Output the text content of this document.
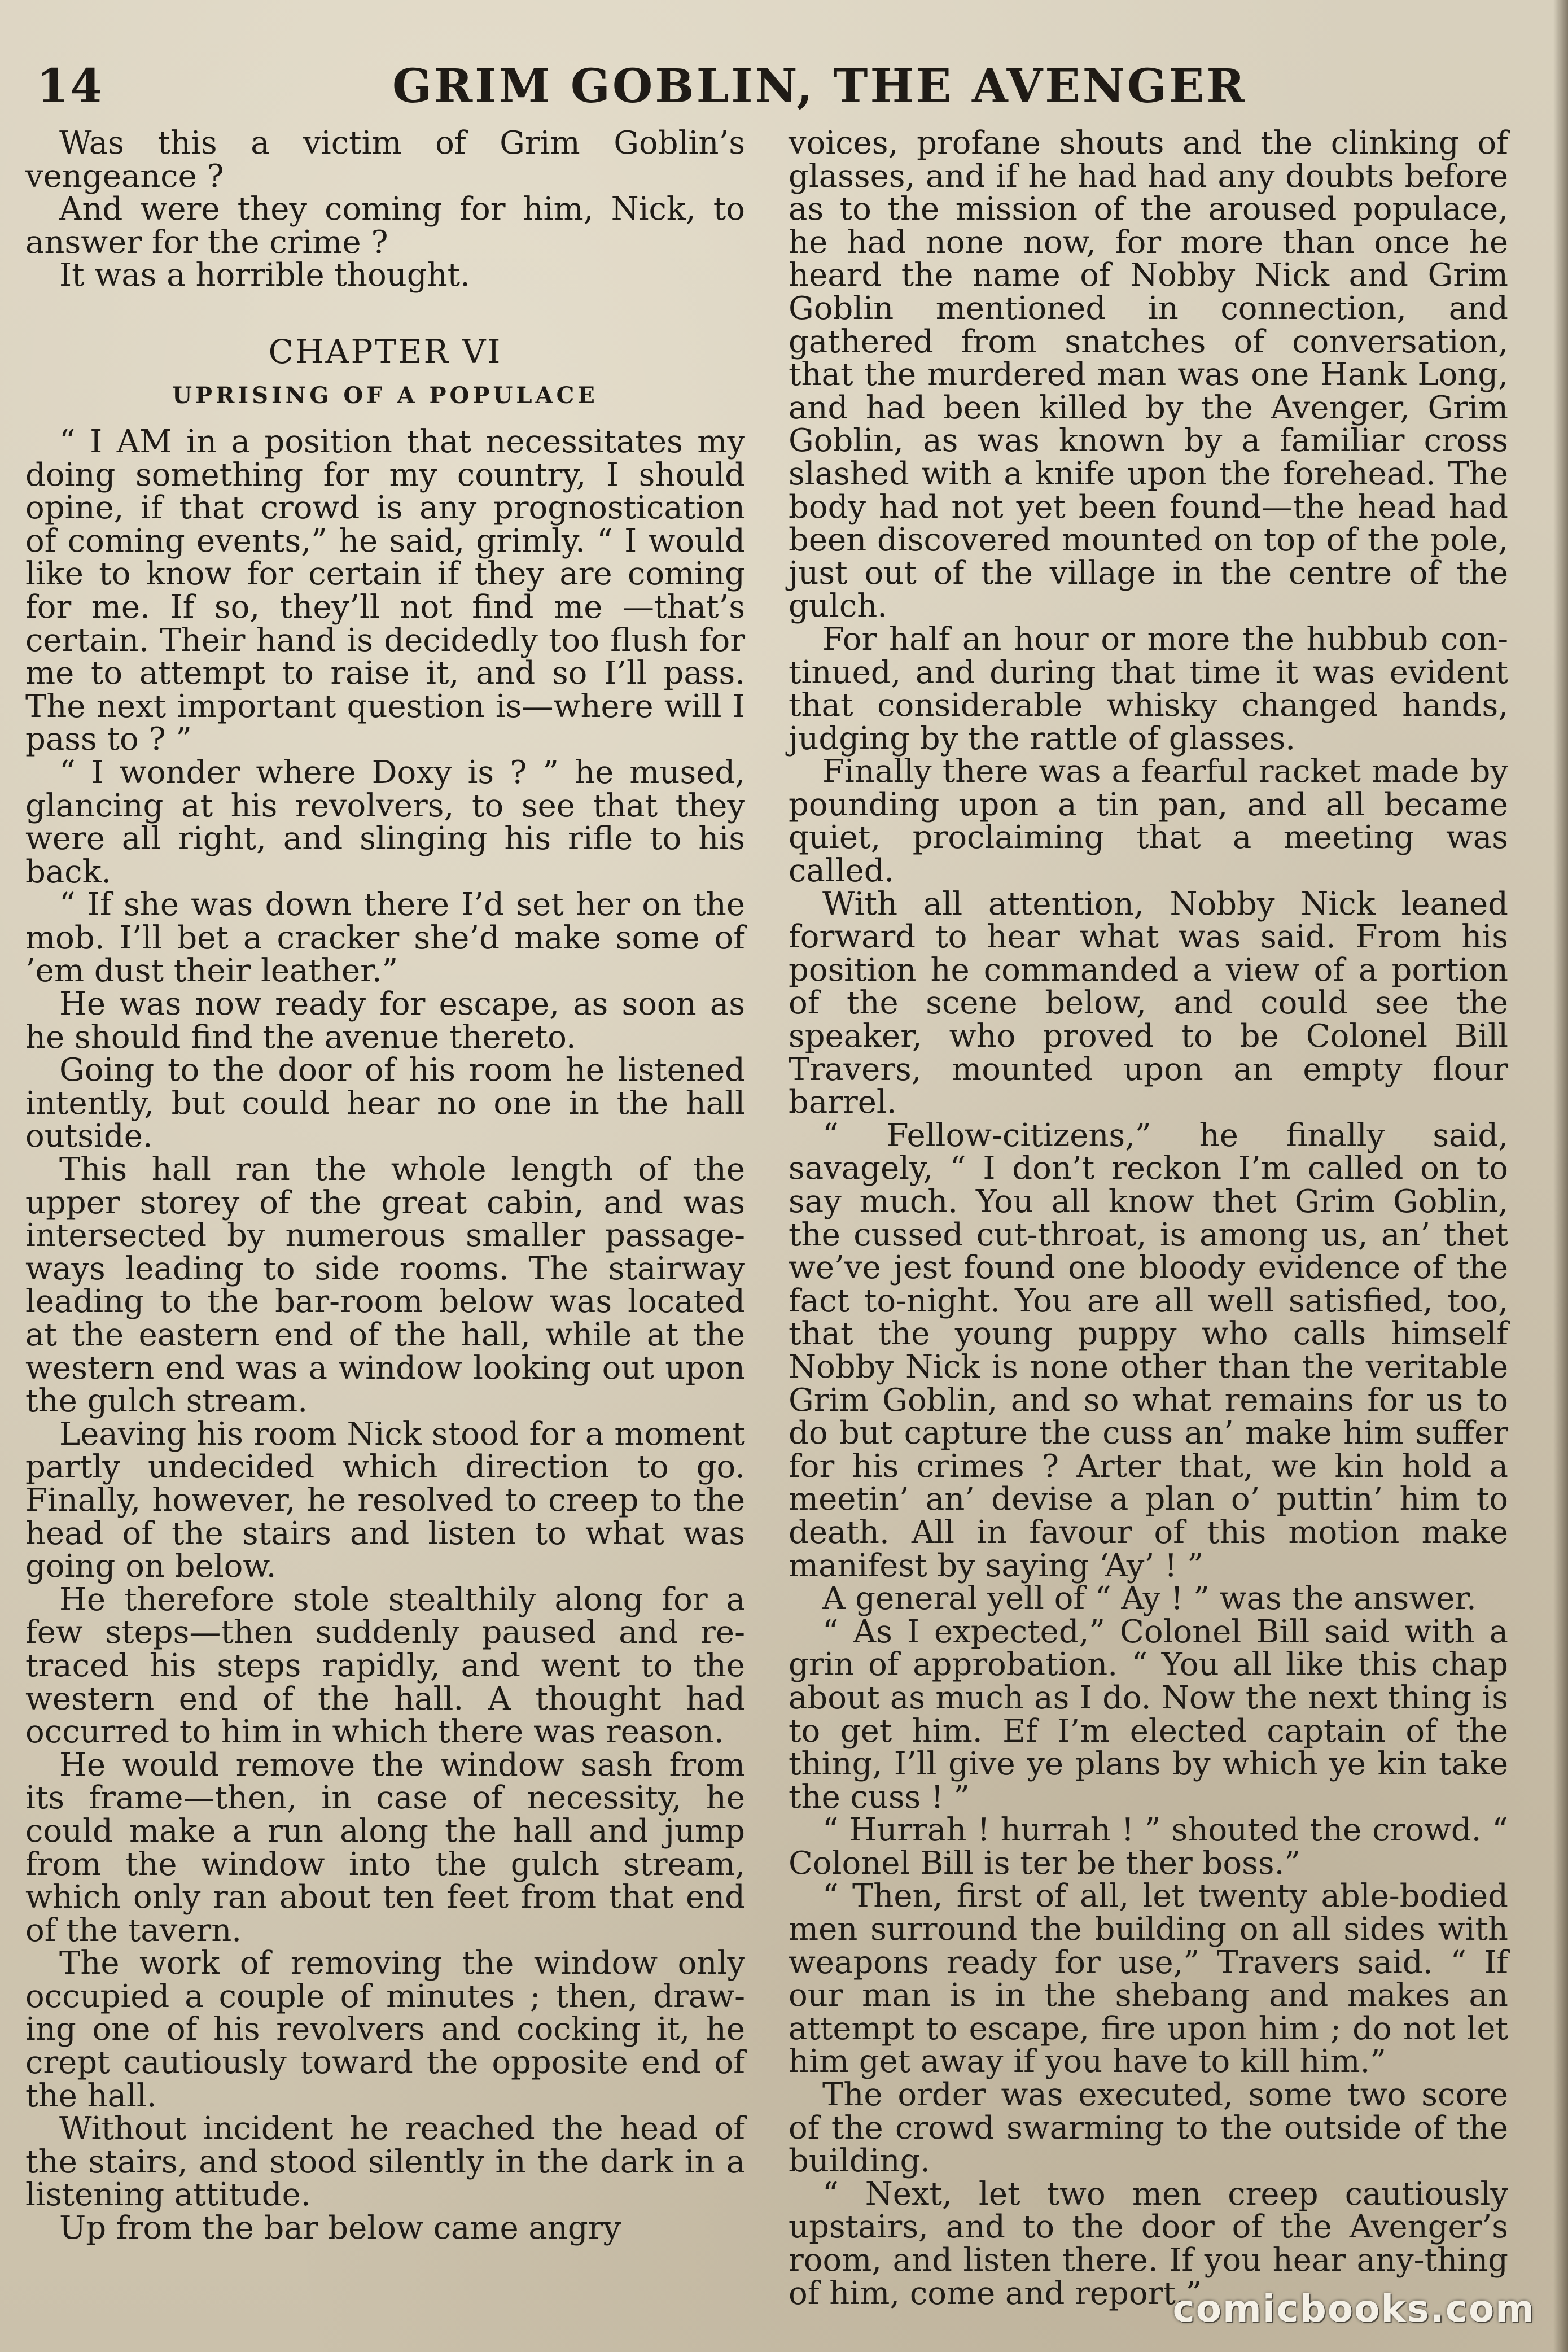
14	GRIM GOBLIN, THE AVENGER

Was this a victim of Grim Goblin’s vengeance ?

And were they coming for him, Nick, to answer for the crime ?

It was a horrible thought.

CHAPTER VI
UPRISING OF A POPULACE

“ I AM in a position that necessitates my doing something for my country, I should opine, if that crowd is any prognostication of coming events,” he said, grimly. “ I would like to know for certain if they are coming for me. If so, they’ll not find me —that’s certain. Their hand is decidedly too flush for me to attempt to raise it, and so I’ll pass. The next important question is—where will I pass to ? ”

“ I wonder where Doxy is ? ” he mused, glancing at his revolvers, to see that they were all right, and slinging his rifle to his back.

“ If she was down there I’d set her on the mob. I’ll bet a cracker she’d make some of ’em dust their leather.”

He was now ready for escape, as soon as he should find the avenue thereto.

Going to the door of his room he listened intently, but could hear no one in the hall outside.

This hall ran the whole length of the upper storey of the great cabin, and was intersected by numerous smaller passage-ways leading to side rooms. The stairway leading to the bar-room below was located at the eastern end of the hall, while at the western end was a window looking out upon the gulch stream.

Leaving his room Nick stood for a moment partly undecided which direction to go. Finally, however, he resolved to creep to the head of the stairs and listen to what was going on below.

He therefore stole stealthily along for a few steps—then suddenly paused and re-traced his steps rapidly, and went to the western end of the hall. A thought had occurred to him in which there was reason.

He would remove the window sash from its frame—then, in case of necessity, he could make a run along the hall and jump from the window into the gulch stream, which only ran about ten feet from that end of the tavern.

The work of removing the window only occupied a couple of minutes ; then, draw-ing one of his revolvers and cocking it, he crept cautiously toward the opposite end of the hall.

Without incident he reached the head of the stairs, and stood silently in the dark in a listening attitude.

Up from the bar below came angry

voices, profane shouts and the clinking of glasses, and if he had had any doubts before as to the mission of the aroused populace, he had none now, for more than once he heard the name of Nobby Nick and Grim Goblin mentioned in connection, and gathered from snatches of conversation, that the murdered man was one Hank Long, and had been killed by the Avenger, Grim Goblin, as was known by a familiar cross slashed with a knife upon the forehead. The body had not yet been found—the head had been discovered mounted on top of the pole, just out of the village in the centre of the gulch.

For half an hour or more the hubbub con-tinued, and during that time it was evident that considerable whisky changed hands, judging by the rattle of glasses.

Finally there was a fearful racket made by pounding upon a tin pan, and all became quiet, proclaiming that a meeting was called.

With all attention, Nobby Nick leaned forward to hear what was said. From his position he commanded a view of a portion of the scene below, and could see the speaker, who proved to be Colonel Bill Travers, mounted upon an empty flour barrel.

“ Fellow-citizens,” he finally said, savagely, “ I don’t reckon I’m called on to say much. You all know thet Grim Goblin, the cussed cut-throat, is among us, an’ thet we’ve jest found one bloody evidence of the fact to-night. You are all well satisfied, too, that the young puppy who calls himself Nobby Nick is none other than the veritable Grim Goblin, and so what remains for us to do but capture the cuss an’ make him suffer for his crimes ? Arter that, we kin hold a meetin’ an’ devise a plan o’ puttin’ him to death. All in favour of this motion make manifest by saying ‘Ay’ ! ”

A general yell of “ Ay ! ” was the answer.

“ As I expected,” Colonel Bill said with a grin of approbation. “ You all like this chap about as much as I do. Now the next thing is to get him. Ef I’m elected captain of the thing, I’ll give ye plans by which ye kin take the cuss ! ”

“ Hurrah ! hurrah ! ” shouted the crowd. “ Colonel Bill is ter be ther boss.”

“ Then, first of all, let twenty able-bodied men surround the building on all sides with weapons ready for use,” Travers said. “ If our man is in the shebang and makes an attempt to escape, fire upon him ; do not let him get away if you have to kill him.”

The order was executed, some two score of the crowd swarming to the outside of the building.

“ Next, let two men creep cautiously upstairs, and to the door of the Avenger’s room, and listen there. If you hear any-thing of him, come and report.”

comicbooks.com
